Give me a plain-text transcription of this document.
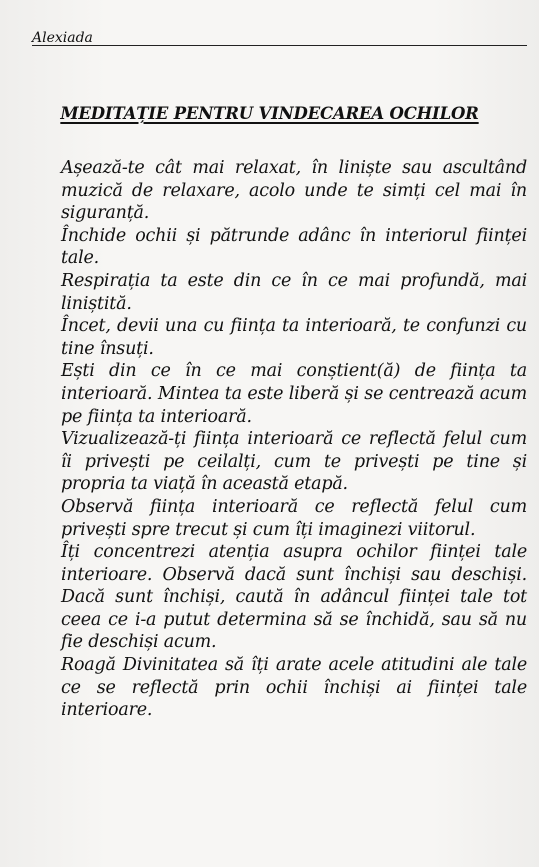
Alexiada
MEDITAȚIE PENTRU VINDECAREA OCHILOR

Așează-te cât mai relaxat, în liniște sau ascultând muzică de relaxare, acolo unde te simți cel mai în siguranță.

Închide ochii și pătrunde adânc în interiorul ființei tale.

Respirația ta este din ce în ce mai profundă, mai liniștită.

Încet, devii una cu ființa ta interioară, te confunzi cu tine însuți.

Ești din ce în ce mai conștient(ă) de ființa ta interioară. Mintea ta este liberă și se centrează acum pe ființa ta interioară.

Vizualizează-ți ființa interioară ce reflectă felul cum îi privești pe ceilalți, cum te privești pe tine și propria ta viață în această etapă.

Observă ființa interioară ce reflectă felul cum privești spre trecut și cum îți imaginezi viitorul.

Îți concentrezi atenția asupra ochilor ființei tale interioare. Observă dacă sunt închiși sau deschiși. Dacă sunt închiși, caută în adâncul ființei tale tot ceea ce i-a putut determina să se închidă, sau să nu fie deschiși acum.

Roagă Divinitatea să îți arate acele atitudini ale tale ce se reflectă prin ochii închiși ai ființei tale interioare.
